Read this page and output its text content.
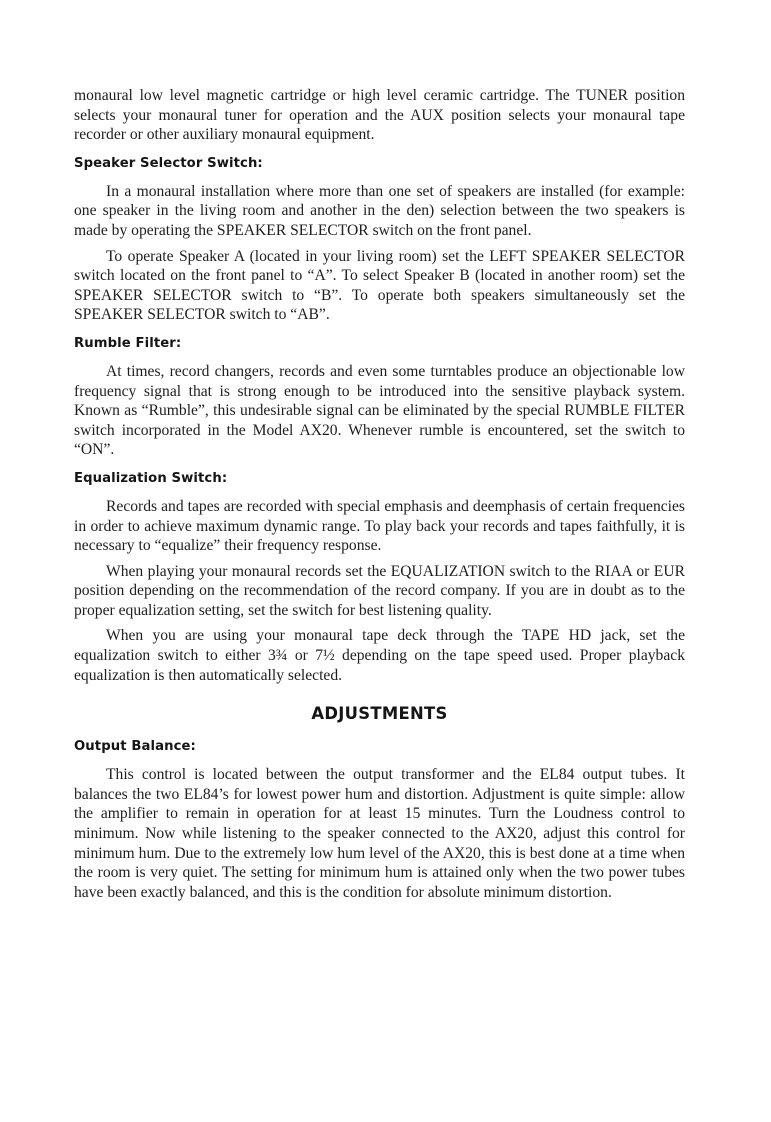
monaural low level magnetic cartridge or high level ceramic cartridge. The TUNER position selects your monaural tuner for operation and the AUX position selects your monaural tape recorder or other auxiliary monaural equipment.

Speaker Selector Switch:

In a monaural installation where more than one set of speakers are installed (for example: one speaker in the living room and another in the den) selection between the two speakers is made by operating the SPEAKER SELECTOR switch on the front panel.

To operate Speaker A (located in your living room) set the LEFT SPEAKER SELECTOR switch located on the front panel to “A”. To select Speaker B (located in another room) set the SPEAKER SELECTOR switch to “B”. To operate both speakers simultaneously set the SPEAKER SELECTOR switch to “AB”.

Rumble Filter:

At times, record changers, records and even some turntables produce an objectionable low frequency signal that is strong enough to be introduced into the sensitive playback system. Known as “Rumble”, this undesirable signal can be eliminated by the special RUMBLE FILTER switch incorporated in the Model AX20. Whenever rumble is encountered, set the switch to “ON”.

Equalization Switch:

Records and tapes are recorded with special emphasis and deemphasis of certain frequencies in order to achieve maximum dynamic range. To play back your records and tapes faithfully, it is necessary to “equalize” their frequency response.

When playing your monaural records set the EQUALIZATION switch to the RIAA or EUR position depending on the recommendation of the record company. If you are in doubt as to the proper equalization setting, set the switch for best listening quality.

When you are using your monaural tape deck through the TAPE HD jack, set the equalization switch to either 3¾ or 7½ depending on the tape speed used. Proper playback equalization is then automatically selected.

ADJUSTMENTS
Output Balance:

This control is located between the output transformer and the EL84 output tubes. It balances the two EL84’s for lowest power hum and distortion. Adjustment is quite simple: allow the amplifier to remain in operation for at least 15 minutes. Turn the Loudness control to minimum. Now while listening to the speaker connected to the AX20, adjust this control for minimum hum. Due to the extremely low hum level of the AX20, this is best done at a time when the room is very quiet. The setting for minimum hum is attained only when the two power tubes have been exactly balanced, and this is the condition for absolute minimum distortion.
